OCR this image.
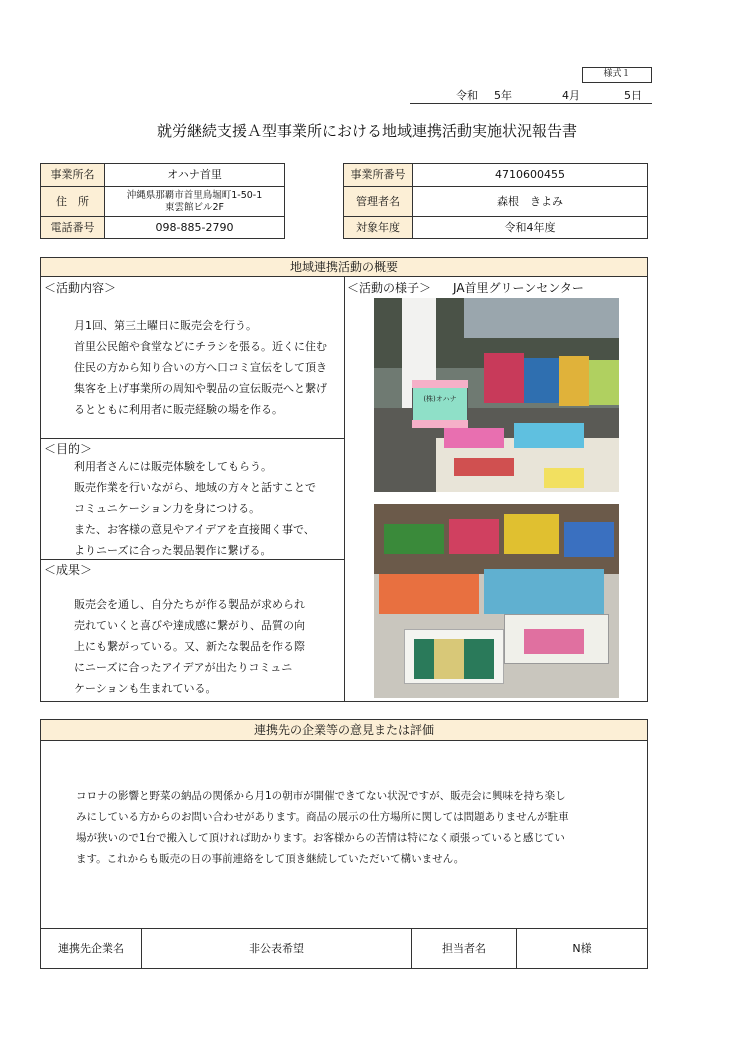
様式１
令和 5年	4月	5日
就労継続支援Ａ型事業所における地域連携活動実施状況報告書
事業所名	オハナ首里
住　所	沖縄県那覇市首里鳥堀町1-50-1
東雲館ビル2F
電話番号	098-885-2790
事業所番号	4710600455
管理者名	森根　きよみ
対象年度	令和4年度
地域連携活動の概要
＜活動内容＞
月1回、第三土曜日に販売会を行う。
首里公民館や食堂などにチラシを張る。近くに住む
住民の方から知り合いの方へ口コミ宣伝をして頂き
集客を上げ事業所の周知や製品の宣伝販売へと繋げ
るとともに利用者に販売経験の場を作る。
＜目的＞
利用者さんには販売体験をしてもらう。
販売作業を行いながら、地域の方々と話すことで
コミュニケーション力を身につける。
また、お客様の意見やアイデアを直接聞く事で、
よりニーズに合った製品製作に繋げる。
＜成果＞
販売会を通し、自分たちが作る製品が求められ
売れていくと喜びや達成感に繋がり、品質の向
上にも繋がっている。又、新たな製品を作る際
にニーズに合ったアイデアが出たりコミュニ
ケーションも生まれている。
＜活動の様子＞ JA首里グリーンセンター
(株)オハナ
連携先の企業等の意見または評価
コロナの影響と野菜の納品の関係から月1の朝市が開催できてない状況ですが、販売会に興味を持ち楽し
みにしている方からのお問い合わせがあります。商品の展示の仕方場所に関しては問題ありませんが駐車
場が狭いので1台で搬入して頂ければ助かります。お客様からの苦情は特になく頑張っていると感じてい
ます。これからも販売の日の事前連絡をして頂き継続していただいて構いません。
連携先企業名	非公表希望	担当者名	N様
